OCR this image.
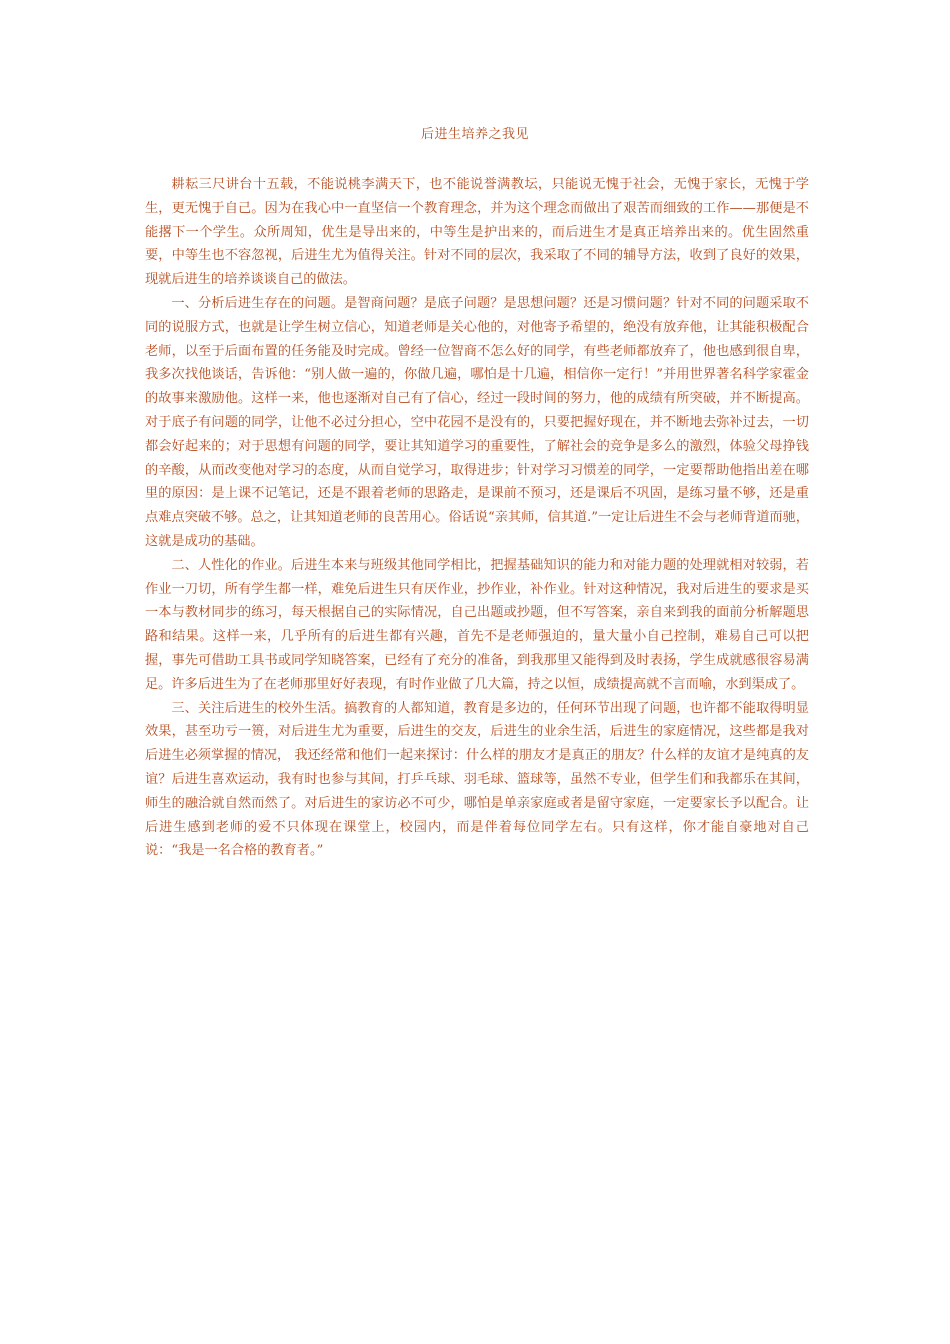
后进生培养之我见

耕耘三尺讲台十五载，不能说桃李满天下，也不能说誉满教坛，只能说无愧于社会，无愧于家长，无愧于学生，更无愧于自己。因为在我心中一直坚信一个教育理念，并为这个理念而做出了艰苦而细致的工作——那便是不能撂下一个学生。众所周知，优生是导出来的，中等生是护出来的，而后进生才是真正培养出来的。优生固然重要，中等生也不容忽视，后进生尤为值得关注。针对不同的层次，我采取了不同的辅导方法，收到了良好的效果，现就后进生的培养谈谈自己的做法。

一、分析后进生存在的问题。是智商问题？是底子问题？是思想问题？还是习惯问题？针对不同的问题采取不同的说服方式，也就是让学生树立信心，知道老师是关心他的，对他寄予希望的，绝没有放弃他，让其能积极配合老师，以至于后面布置的任务能及时完成。曾经一位智商不怎么好的同学，有些老师都放弃了，他也感到很自卑，我多次找他谈话，告诉他：“别人做一遍的，你做几遍，哪怕是十几遍，相信你一定行！”并用世界著名科学家霍金的故事来激励他。这样一来，他也逐渐对自己有了信心，经过一段时间的努力，他的成绩有所突破，并不断提高。对于底子有问题的同学，让他不必过分担心，空中花园不是没有的，只要把握好现在，并不断地去弥补过去，一切都会好起来的；对于思想有问题的同学，要让其知道学习的重要性，了解社会的竞争是多么的激烈，体验父母挣钱的辛酸，从而改变他对学习的态度，从而自觉学习，取得进步；针对学习习惯差的同学，一定要帮助他指出差在哪里的原因：是上课不记笔记，还是不跟着老师的思路走，是课前不预习，还是课后不巩固，是练习量不够，还是重点难点突破不够。总之，让其知道老师的良苦用心。俗话说“亲其师，信其道.”一定让后进生不会与老师背道而驰，这就是成功的基础。

二、人性化的作业。后进生本来与班级其他同学相比，把握基础知识的能力和对能力题的处理就相对较弱，若作业一刀切，所有学生都一样，难免后进生只有厌作业，抄作业，补作业。针对这种情况，我对后进生的要求是买一本与教材同步的练习，每天根据自己的实际情况，自己出题或抄题，但不写答案，亲自来到我的面前分析解题思路和结果。这样一来，几乎所有的后进生都有兴趣，首先不是老师强迫的，量大量小自己控制，难易自己可以把握，事先可借助工具书或同学知晓答案，已经有了充分的准备，到我那里又能得到及时表扬，学生成就感很容易满足。许多后进生为了在老师那里好好表现，有时作业做了几大篇，持之以恒，成绩提高就不言而喻，水到渠成了。

三、关注后进生的校外生活。搞教育的人都知道，教育是多边的，任何环节出现了问题，也许都不能取得明显效果，甚至功亏一篑，对后进生尤为重要，后进生的交友，后进生的业余生活，后进生的家庭情况，这些都是我对后进生必须掌握的情况， 我还经常和他们一起来探讨：什么样的朋友才是真正的朋友？什么样的友谊才是纯真的友谊？后进生喜欢运动，我有时也参与其间，打乒乓球、羽毛球、篮球等，虽然不专业，但学生们和我都乐在其间，师生的融洽就自然而然了。对后进生的家访必不可少，哪怕是单亲家庭或者是留守家庭，一定要家长予以配合。让后进生感到老师的爱不只体现在课堂上，校园内，而是伴着每位同学左右。只有这样，你才能自豪地对自己说：“我是一名合格的教育者。”
